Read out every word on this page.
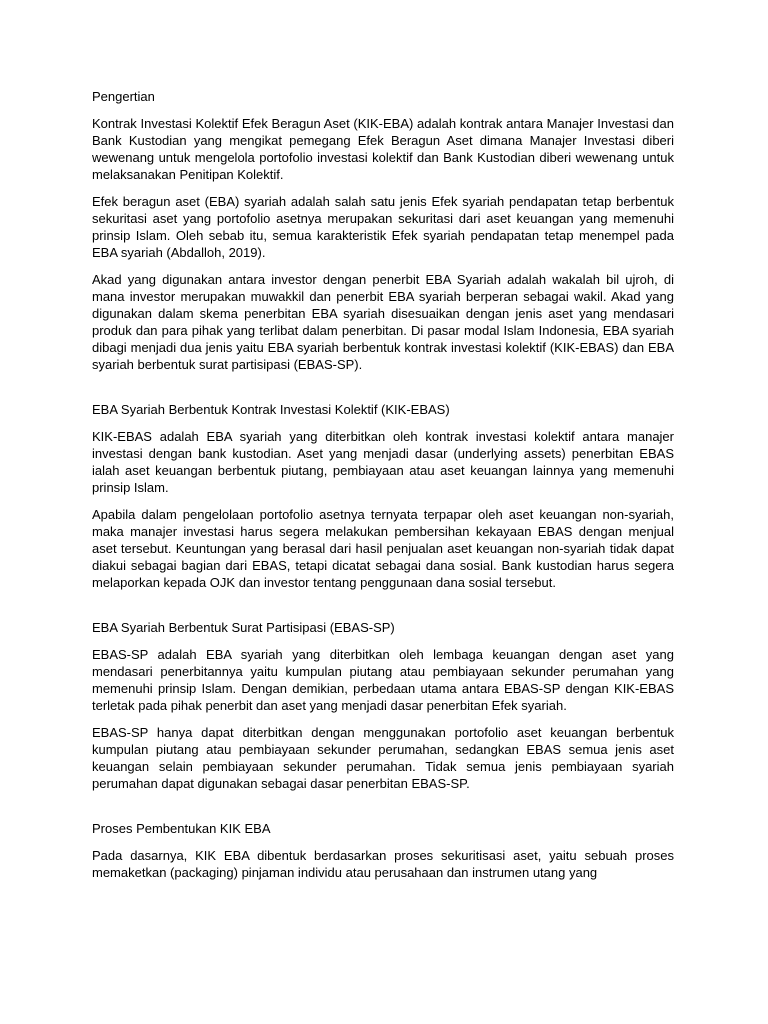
Pengertian

Kontrak Investasi Kolektif Efek Beragun Aset (KIK-EBA) adalah kontrak antara Manajer Investasi dan Bank Kustodian yang mengikat pemegang Efek Beragun Aset dimana Manajer Investasi diberi wewenang untuk mengelola portofolio investasi kolektif dan Bank Kustodian diberi wewenang untuk melaksanakan Penitipan Kolektif.

Efek beragun aset (EBA) syariah adalah salah satu jenis Efek syariah pendapatan tetap berbentuk sekuritasi aset yang portofolio asetnya merupakan sekuritasi dari aset keuangan yang memenuhi prinsip Islam. Oleh sebab itu, semua karakteristik Efek syariah pendapatan tetap menempel pada EBA syariah (Abdalloh, 2019).

Akad yang digunakan antara investor dengan penerbit EBA Syariah adalah wakalah bil ujroh, di mana investor merupakan muwakkil dan penerbit EBA syariah berperan sebagai wakil. Akad yang digunakan dalam skema penerbitan EBA syariah disesuaikan dengan jenis aset yang mendasari produk dan para pihak yang terlibat dalam penerbitan. Di pasar modal Islam Indonesia, EBA syariah dibagi menjadi dua jenis yaitu EBA syariah berbentuk kontrak investasi kolektif (KIK-EBAS) dan EBA syariah berbentuk surat partisipasi (EBAS-SP).

EBA Syariah Berbentuk Kontrak Investasi Kolektif (KIK-EBAS)

KIK-EBAS adalah EBA syariah yang diterbitkan oleh kontrak investasi kolektif antara manajer investasi dengan bank kustodian. Aset yang menjadi dasar (underlying assets) penerbitan EBAS ialah aset keuangan berbentuk piutang, pembiayaan atau aset keuangan lainnya yang memenuhi prinsip Islam.

Apabila dalam pengelolaan portofolio asetnya ternyata terpapar oleh aset keuangan non-syariah, maka manajer investasi harus segera melakukan pembersihan kekayaan EBAS dengan menjual aset tersebut. Keuntungan yang berasal dari hasil penjualan aset keuangan non-syariah tidak dapat diakui sebagai bagian dari EBAS, tetapi dicatat sebagai dana sosial. Bank kustodian harus segera melaporkan kepada OJK dan investor tentang penggunaan dana sosial tersebut.

EBA Syariah Berbentuk Surat Partisipasi (EBAS-SP)

EBAS-SP adalah EBA syariah yang diterbitkan oleh lembaga keuangan dengan aset yang mendasari penerbitannya yaitu kumpulan piutang atau pembiayaan sekunder perumahan yang memenuhi prinsip Islam. Dengan demikian, perbedaan utama antara EBAS-SP dengan KIK-EBAS terletak pada pihak penerbit dan aset yang menjadi dasar penerbitan Efek syariah.

EBAS-SP hanya dapat diterbitkan dengan menggunakan portofolio aset keuangan berbentuk kumpulan piutang atau pembiayaan sekunder perumahan, sedangkan EBAS semua jenis aset keuangan selain pembiayaan sekunder perumahan. Tidak semua jenis pembiayaan syariah perumahan dapat digunakan sebagai dasar penerbitan EBAS-SP.

Proses Pembentukan KIK EBA

Pada dasarnya, KIK EBA dibentuk berdasarkan proses sekuritisasi aset, yaitu sebuah proses memaketkan (packaging) pinjaman individu atau perusahaan dan instrumen utang yang
